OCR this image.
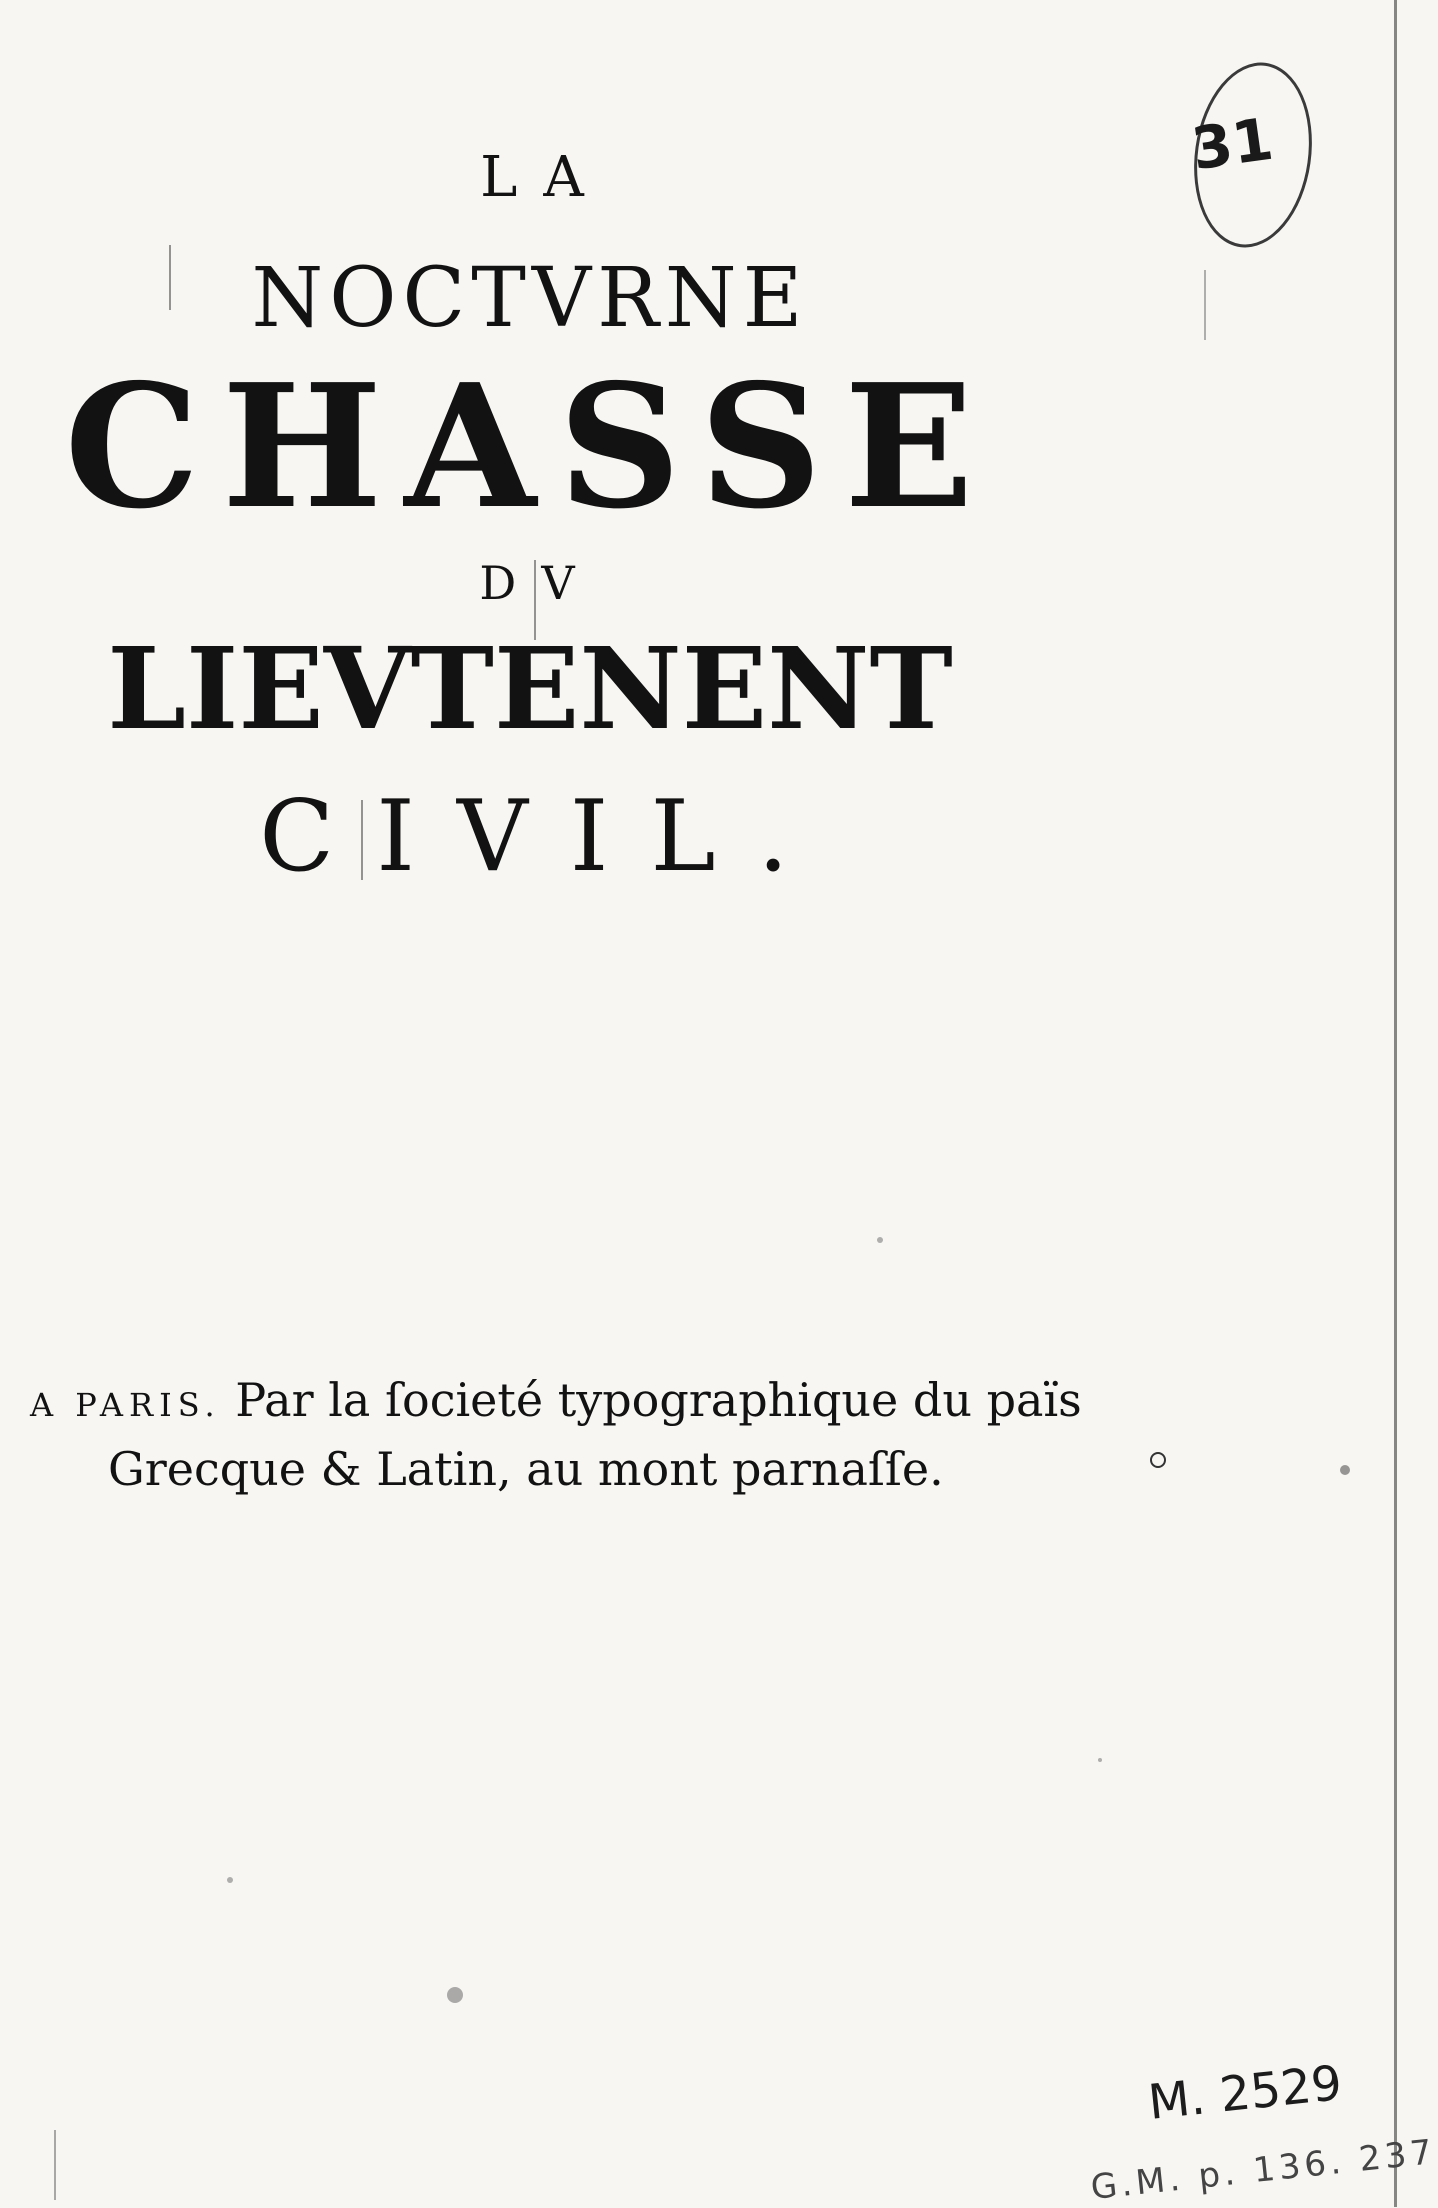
LA
NOCTVRNE
CHASSE
DV
LIEVTENENT
CIVIL.
A PARIS. Par la ſocieté typographique du païs
Grecque & Latin, au mont parnaſſe.
31
M. 2529
G.M. p. 136. 237
